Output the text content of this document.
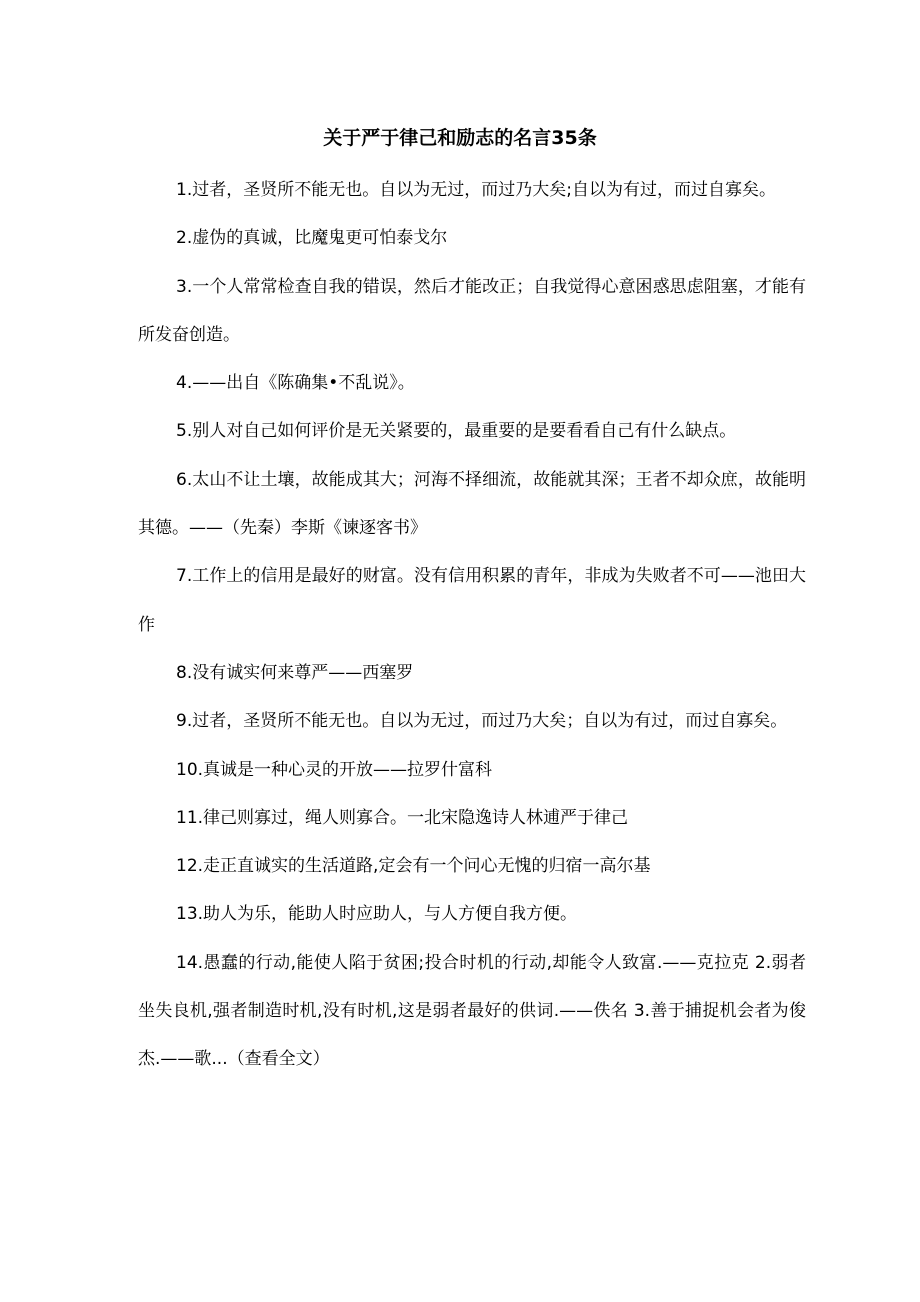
关于严于律己和励志的名言35条
1.过者，圣贤所不能无也。自以为无过，而过乃大矣;自以为有过，而过自寡矣。
2.虚伪的真诚，比魔鬼更可怕泰戈尔
3.一个人常常检查自我的错误，然后才能改正；自我觉得心意困惑思虑阻塞，才能有所发奋创造。
4.——出自《陈确集•不乱说》。
5.别人对自己如何评价是无关紧要的，最重要的是要看看自己有什么缺点。
6.太山不让土壤，故能成其大；河海不择细流，故能就其深；王者不却众庶，故能明其德。——（先秦）李斯《谏逐客书》
7.工作上的信用是最好的财富。没有信用积累的青年，非成为失败者不可——池田大作
8.没有诚实何来尊严——西塞罗
9.过者，圣贤所不能无也。自以为无过，而过乃大矣；自以为有过，而过自寡矣。
10.真诚是一种心灵的开放——拉罗什富科
11.律己则寡过，绳人则寡合。一北宋隐逸诗人林逋严于律己
12.走正直诚实的生活道路,定会有一个问心无愧的归宿一高尔基
13.助人为乐，能助人时应助人，与人方便自我方便。
14.愚蠢的行动,能使人陷于贫困;投合时机的行动,却能令人致富.——克拉克 2.弱者坐失良机,强者制造时机,没有时机,这是弱者最好的供词.——佚名 3.善于捕捉机会者为俊杰.——歌...（查看全文）
